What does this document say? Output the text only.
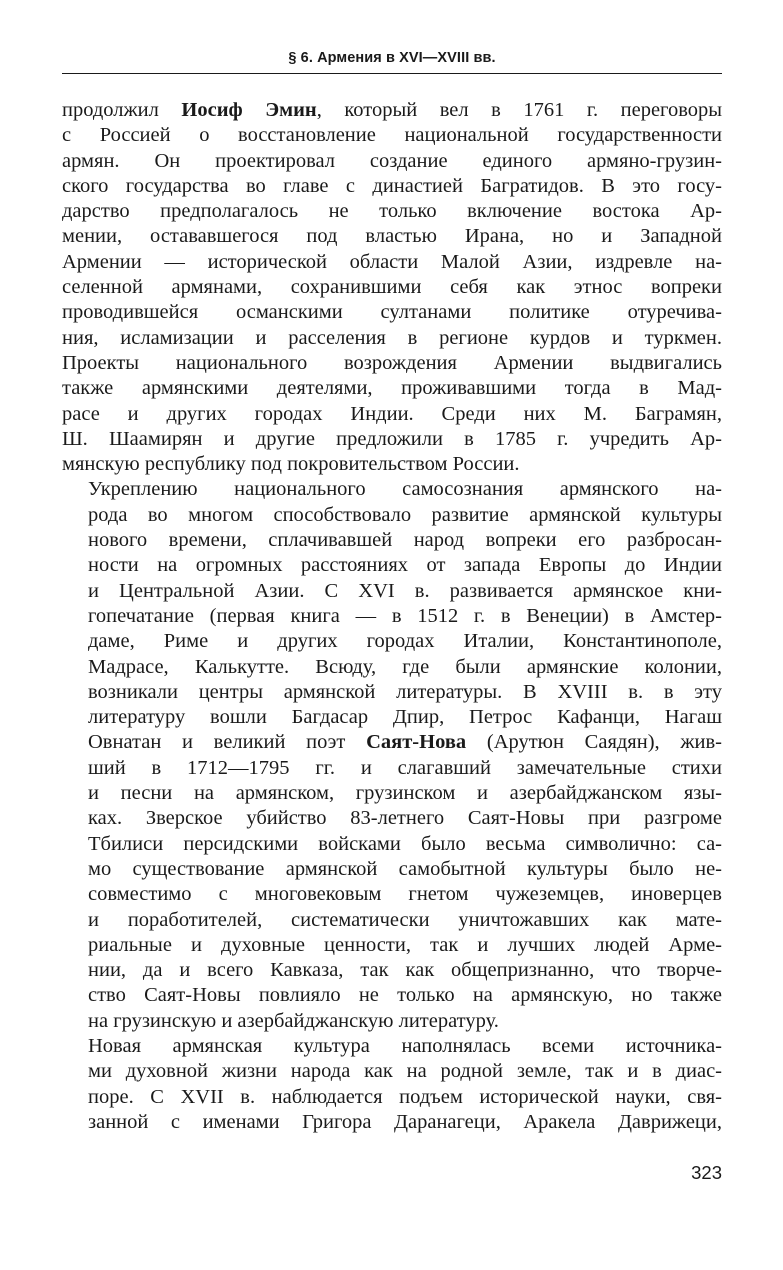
§ 6. Армения в XVI—XVIII вв.

продолжил Иосиф Эмин, который вел в 1761 г. переговоры
с Россией о восстановление национальной государственности
армян. Он проектировал создание единого армяно-грузин-
ского государства во главе с династией Багратидов. В это госу-
дарство предполагалось не только включение востока Ар-
мении, остававшегося под властью Ирана, но и Западной
Армении — исторической области Малой Азии, издревле на-
селенной армянами, сохранившими себя как этнос вопреки
проводившейся османскими султанами политике отуречива-
ния, исламизации и расселения в регионе курдов и туркмен.
Проекты национального возрождения Армении выдвигались
также армянскими деятелями, проживавшими тогда в Мад-
расе и других городах Индии. Среди них М. Баграмян,
Ш. Шаамирян и другие предложили в 1785 г. учредить Ар-
мянскую республику под покровительством России.

Укреплению национального самосознания армянского на-
рода во многом способствовало развитие армянской культуры
нового времени, сплачивавшей народ вопреки его разбросан-
ности на огромных расстояниях от запада Европы до Индии
и Центральной Азии. С XVI в. развивается армянское кни-
гопечатание (первая книга — в 1512 г. в Венеции) в Амстер-
даме, Риме и других городах Италии, Константинополе,
Мадрасе, Калькутте. Всюду, где были армянские колонии,
возникали центры армянской литературы. В XVIII в. в эту
литературу вошли Багдасар Дпир, Петрос Кафанци, Нагаш
Овнатан и великий поэт Саят-Нова (Арутюн Саядян), жив-
ший в 1712—1795 гг. и слагавший замечательные стихи
и песни на армянском, грузинском и азербайджанском язы-
ках. Зверское убийство 83-летнего Саят-Новы при разгроме
Тбилиси персидскими войсками было весьма символично: са-
мо существование армянской самобытной культуры было не-
совместимо с многовековым гнетом чужеземцев, иноверцев
и поработителей, систематически уничтожавших как мате-
риальные и духовные ценности, так и лучших людей Арме-
нии, да и всего Кавказа, так как общепризнанно, что творче-
ство Саят-Новы повлияло не только на армянскую, но также
на грузинскую и азербайджанскую литературу.

Новая армянская культура наполнялась всеми источника-
ми духовной жизни народа как на родной земле, так и в диас-
поре. С XVII в. наблюдается подъем исторической науки, свя-
занной с именами Григора Даранагеци, Аракела Даврижеци,

323
